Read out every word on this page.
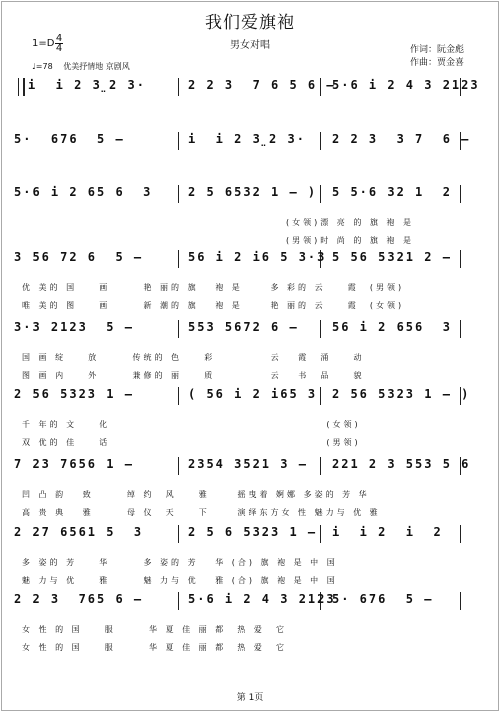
我们爱旗袍
男女对唱
1=D 4
4
♩=78 优美抒情地 京剧风
作词：阮金彪
作曲：贾金喜
i  i 2 3̤2 3·	2 2 3  7 6 5 6 —
5·6 i 2 4 3 2123
5·  676  5 —	i  i 2 3̤2 3· 2 2 3  3 7  6 —
5·6 i 2 65 6  3	2 5 6532 1 — ) 5 5·6 32 1  2
(女领)漂 亮 的 旗 袍 是
(男领)时 尚 的 旗 袍 是
3 56 72 6  5 —	56 i 2 i6 5 3·3 5 56 5321 2 —
优 美的 国    画      艳 丽的 旗   袍 是     多 彩的 云    霞  (男领)
唯 美的 图    画      新 潮的 旗   袍 是     艳 丽的 云    霞  (女领)
3·3 2123  5 —	553 5672 6 —	56 i 2 656  3
国 画 绽    放      传统的 色    彩          云   霞  涌    动
图 画 内    外      兼修的 丽    质          云   书  品    貌
2 56 5323 1 —	( 56 i 2 i65 3 2 56 5323 1 — )
千 年的 文    化                                       (女领)
双 优的 佳    话                                       (男领)
7 23 7656 1 —	2354 3521 3 — 221 2 3 553 5 6
凹 凸 韵   致      绰 约  风    雅     摇曳着 婀娜 多姿的 芳 华
高 贵 典   雅      母 仪  天    下     演绎东方女 性 魅力与 优 雅
2 27 6561 5  3	2 5 6 5323 1 — i  i 2  i  2
多 姿的 芳    华      多 姿的 芳   华 (合) 旗 袍 是 中 国
魅 力与 优    雅      魅 力与 优   雅 (合) 旗 袍 是 中 国
2 2 3  765 6 —	5·6 i 2 4 3 2123
5· 676  5 —
女 性 的 国    服      华 夏 佳 丽 都  热 爱  它
女 性 的 国    服      华 夏 佳 丽 都  热 爱  它
第 1页
